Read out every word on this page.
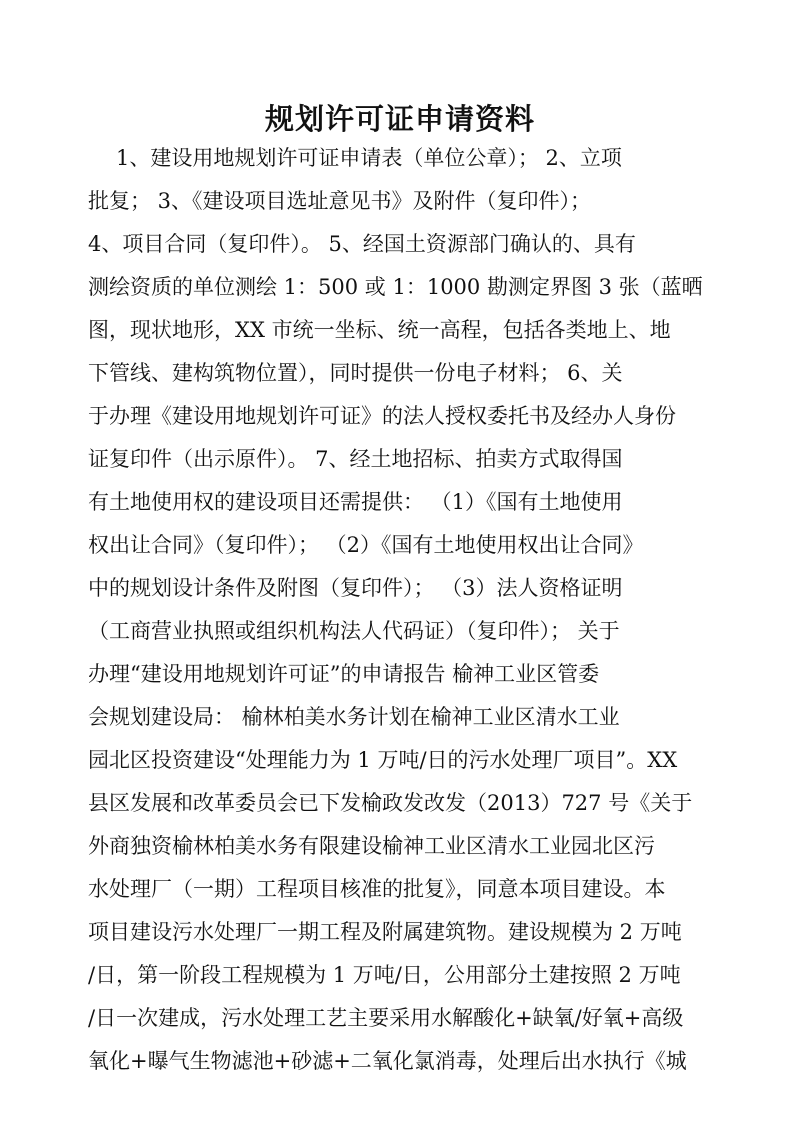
规划许可证申请资料
1、建设用地规划许可证申请表（单位公章）； 2、立项
批复； 3、《建设项目选址意见书》及附件（复印件）；
4、项目合同（复印件）。 5、经国土资源部门确认的、具有
测绘资质的单位测绘 1：500 或 1：1000 勘测定界图 3 张（蓝晒
图，现状地形，XX 市统一坐标、统一高程，包括各类地上、地
下管线、建构筑物位置），同时提供一份电子材料； 6、关
于办理《建设用地规划许可证》的法人授权委托书及经办人身份
证复印件（出示原件）。 7、经土地招标、拍卖方式取得国
有土地使用权的建设项目还需提供： （1）《国有土地使用
权出让合同》（复印件）； （2）《国有土地使用权出让合同》
中的规划设计条件及附图（复印件）； （3）法人资格证明
（工商营业执照或组织机构法人代码证）（复印件）； 关于
办理“建设用地规划许可证”的申请报告 榆神工业区管委
会规划建设局： 榆林柏美水务计划在榆神工业区清水工业
园北区投资建设“处理能力为 1 万吨/日的污水处理厂项目”。XX
县区发展和改革委员会已下发榆政发改发（2013）727 号《关于
外商独资榆林柏美水务有限建设榆神工业区清水工业园北区污
水处理厂（一期）工程项目核准的批复》，同意本项目建设。本
项目建设污水处理厂一期工程及附属建筑物。建设规模为 2 万吨
/日，第一阶段工程规模为 1 万吨/日，公用部分土建按照 2 万吨
/日一次建成，污水处理工艺主要采用水解酸化+缺氧/好氧+高级
氧化+曝气生物滤池+砂滤+二氧化氯消毒，处理后出水执行《城
